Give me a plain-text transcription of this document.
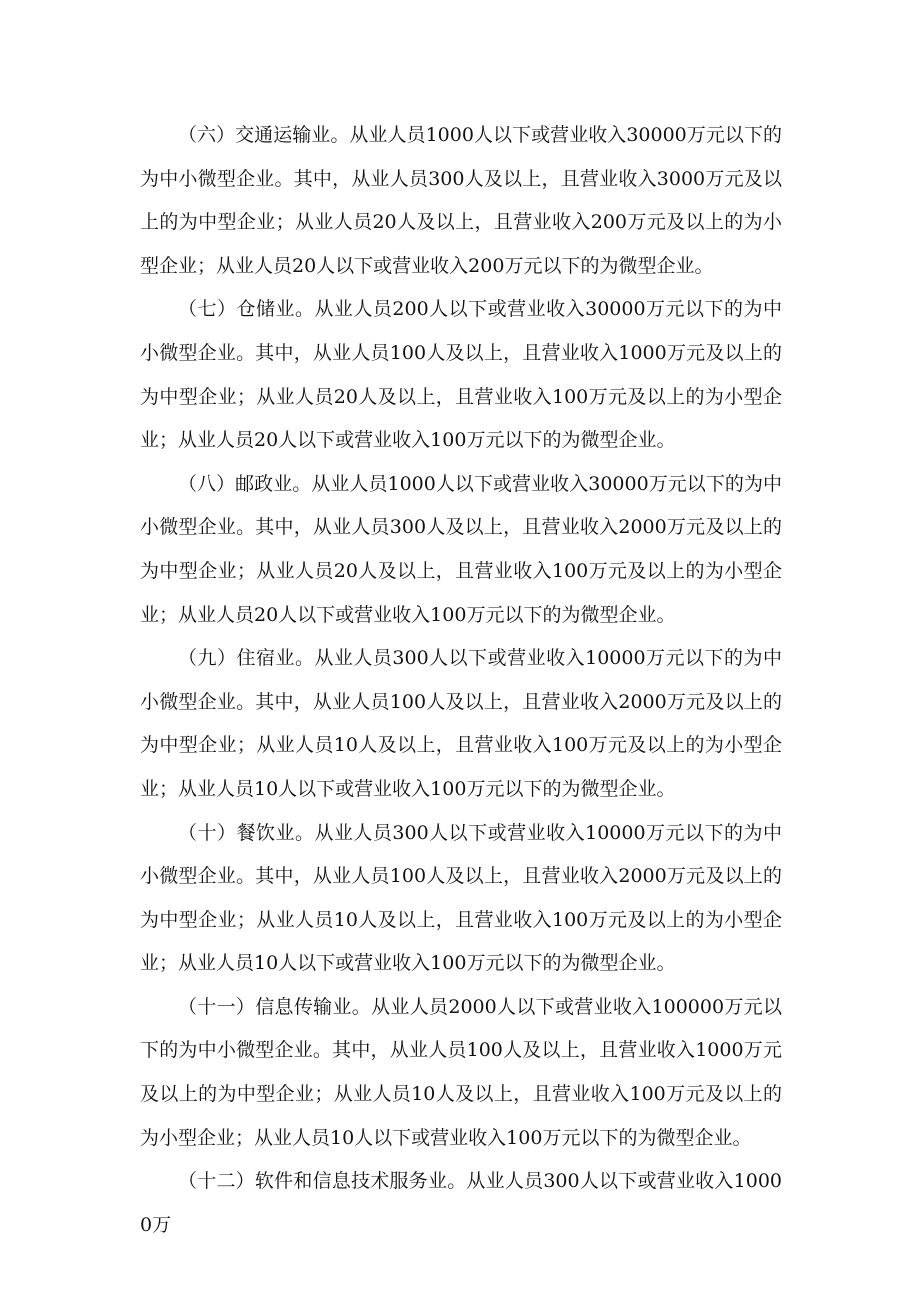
（六）交通运输业。从业人员1000人以下或营业收入30000万元以下的为中小微型企业。其中，从业人员300人及以上，且营业收入3000万元及以上的为中型企业；从业人员20人及以上，且营业收入200万元及以上的为小型企业；从业人员20人以下或营业收入200万元以下的为微型企业。

（七）仓储业。从业人员200人以下或营业收入30000万元以下的为中小微型企业。其中，从业人员100人及以上，且营业收入1000万元及以上的为中型企业；从业人员20人及以上，且营业收入100万元及以上的为小型企业；从业人员20人以下或营业收入100万元以下的为微型企业。

（八）邮政业。从业人员1000人以下或营业收入30000万元以下的为中小微型企业。其中，从业人员300人及以上，且营业收入2000万元及以上的为中型企业；从业人员20人及以上，且营业收入100万元及以上的为小型企业；从业人员20人以下或营业收入100万元以下的为微型企业。

（九）住宿业。从业人员300人以下或营业收入10000万元以下的为中小微型企业。其中，从业人员100人及以上，且营业收入2000万元及以上的为中型企业；从业人员10人及以上，且营业收入100万元及以上的为小型企业；从业人员10人以下或营业收入100万元以下的为微型企业。

（十）餐饮业。从业人员300人以下或营业收入10000万元以下的为中小微型企业。其中，从业人员100人及以上，且营业收入2000万元及以上的为中型企业；从业人员10人及以上，且营业收入100万元及以上的为小型企业；从业人员10人以下或营业收入100万元以下的为微型企业。

（十一）信息传输业。从业人员2000人以下或营业收入100000万元以下的为中小微型企业。其中，从业人员100人及以上，且营业收入1000万元及以上的为中型企业；从业人员10人及以上，且营业收入100万元及以上的为小型企业；从业人员10人以下或营业收入100万元以下的为微型企业。

（十二）软件和信息技术服务业。从业人员300人以下或营业收入10000万
